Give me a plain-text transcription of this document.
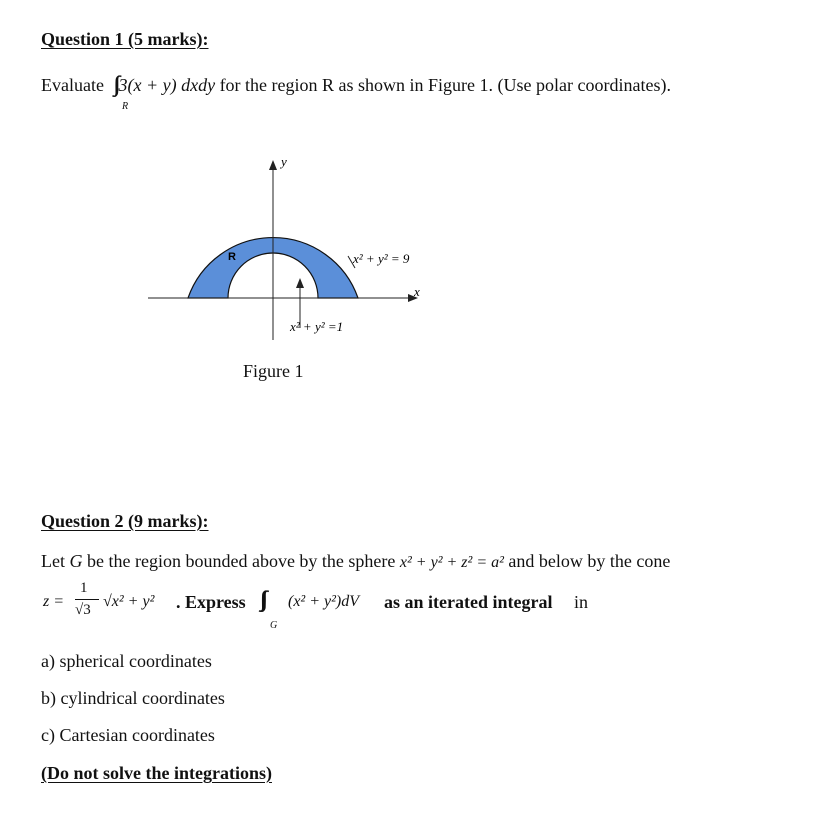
Question 1 (5 marks):
Evaluate 3(x + y) dxdy for the region R as shown in Figure 1. (Use polar coordinates).
R
y
x
R	x² + y² = 9
x² + y² =1
Figure 1
Question 2 (9 marks):
Let G be the region bounded above by the sphere x² + y² + z² = a² and below by the cone
z =
1
√3 √x² + y² . Express	(x² + y²)dV
G
as an iterated integral in
a) spherical coordinates
b) cylindrical coordinates
c) Cartesian coordinates
(Do not solve the integrations)
